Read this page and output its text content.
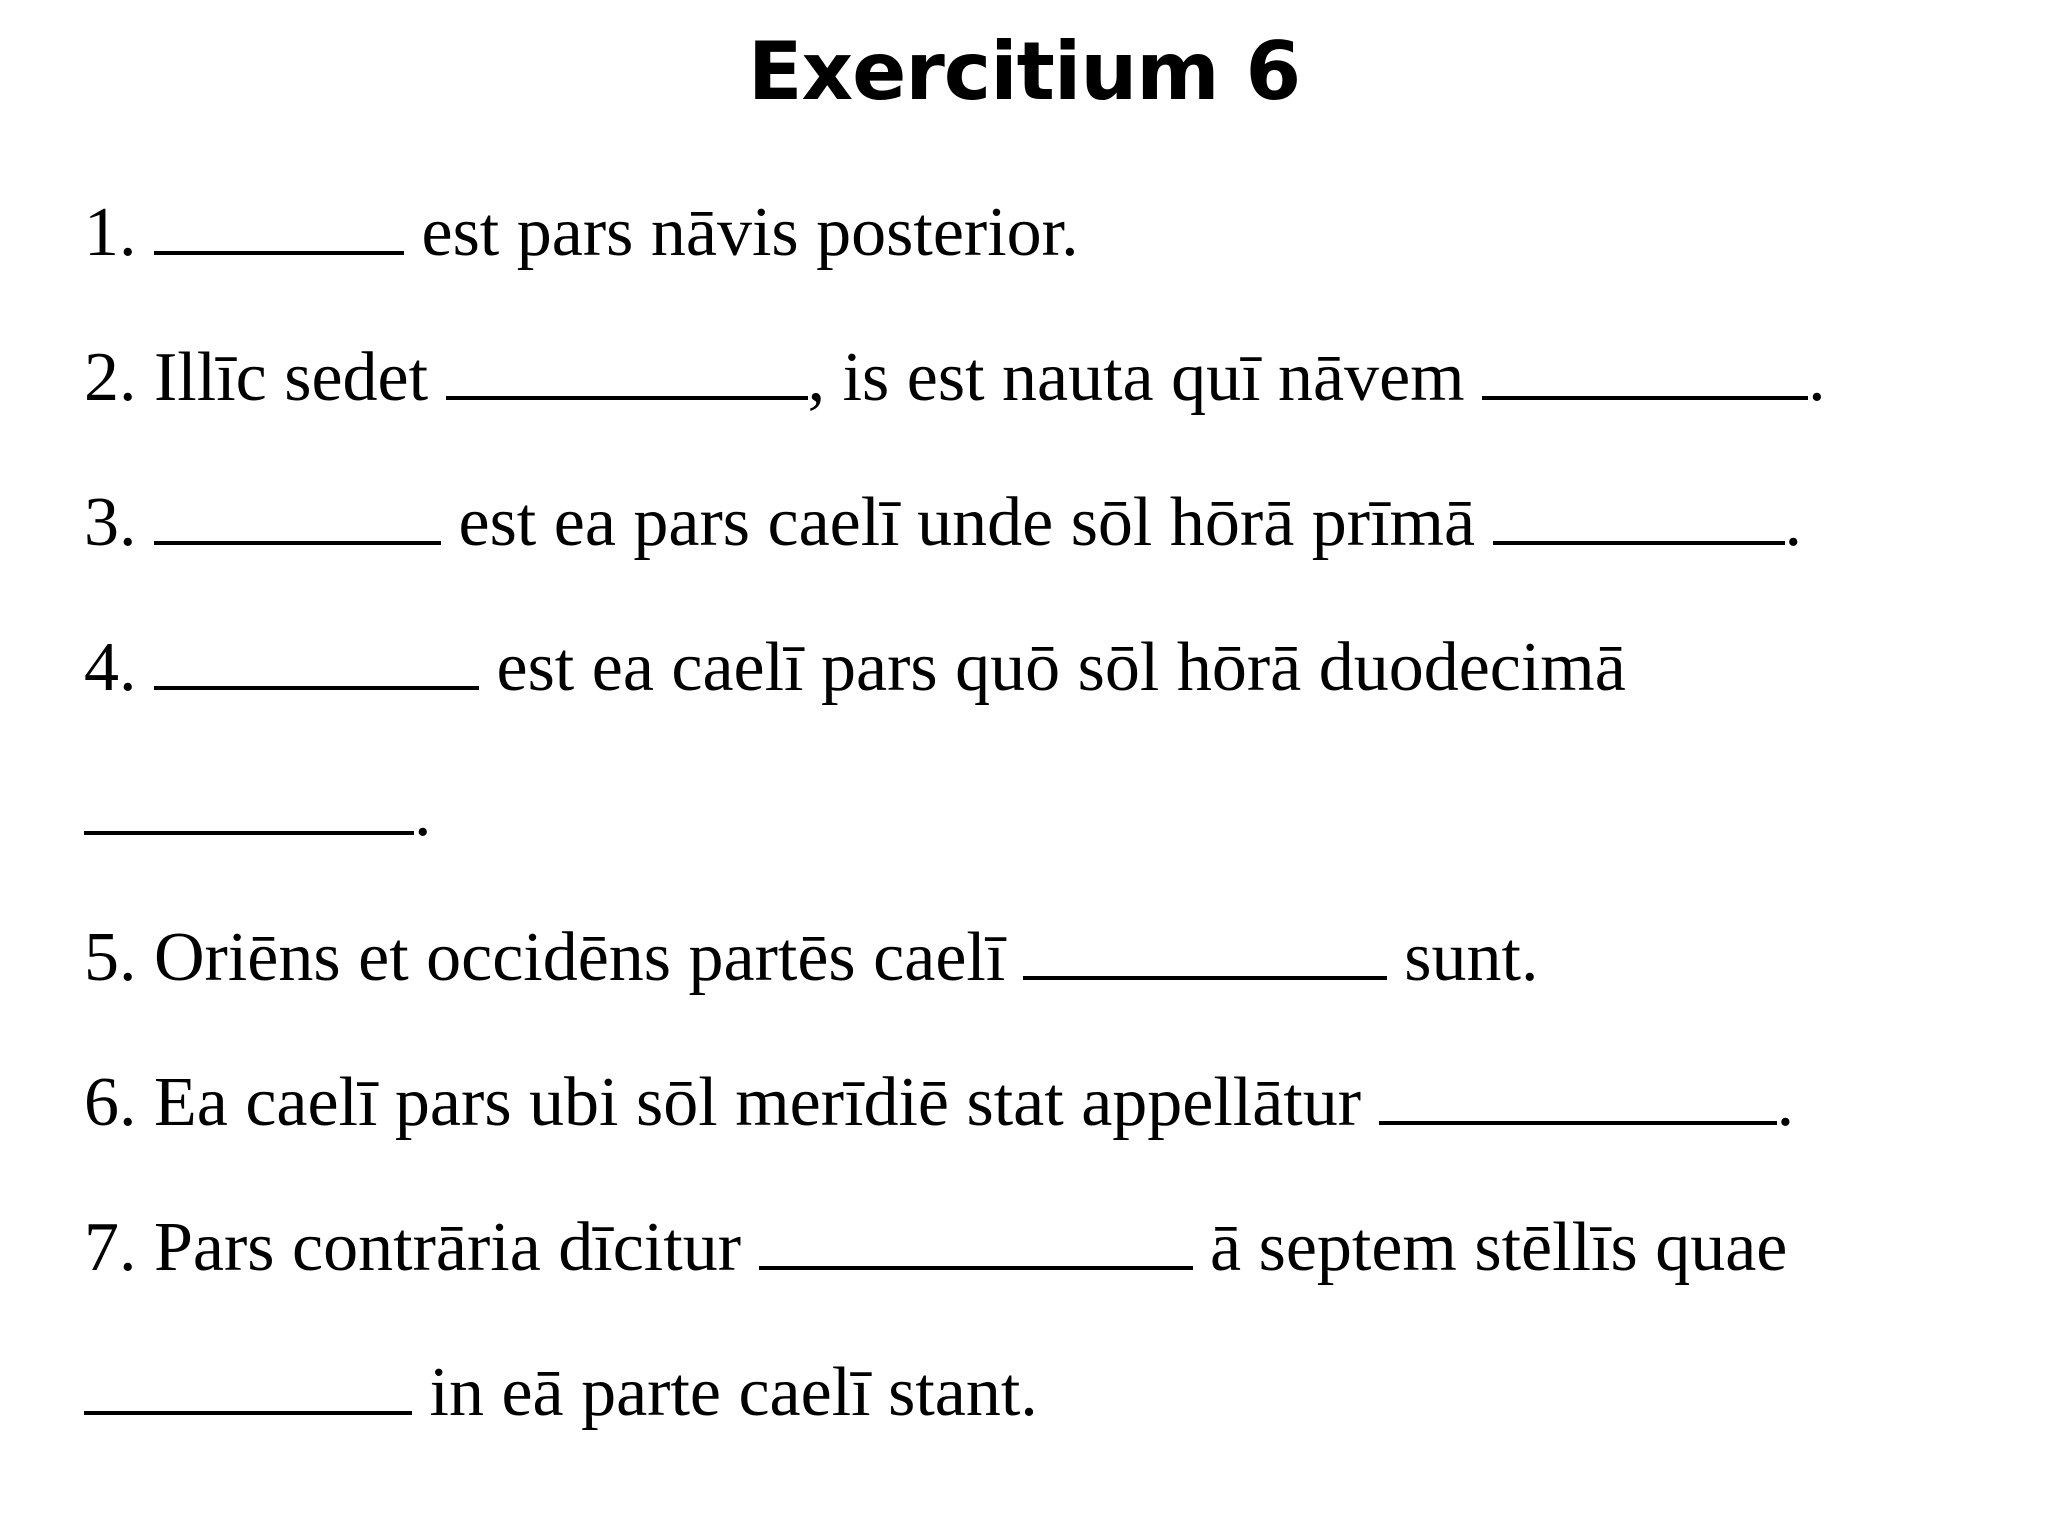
Exercitium 6
1.	est pars nāvis posterior.
2. Illīc sedet	, is est nauta quī nāvem	.
3.	est ea pars caelī unde sōl hōrā prīmā	.
4.	est ea caelī pars quō sōl hōrā duodecimā
.
5. Oriēns et occidēns partēs caelī	sunt.
6. Ea caelī pars ubi sōl merīdiē stat appellātur	.
7. Pars contrāria dīcitur	ā septem stēllīs quae
in eā parte caelī stant.
